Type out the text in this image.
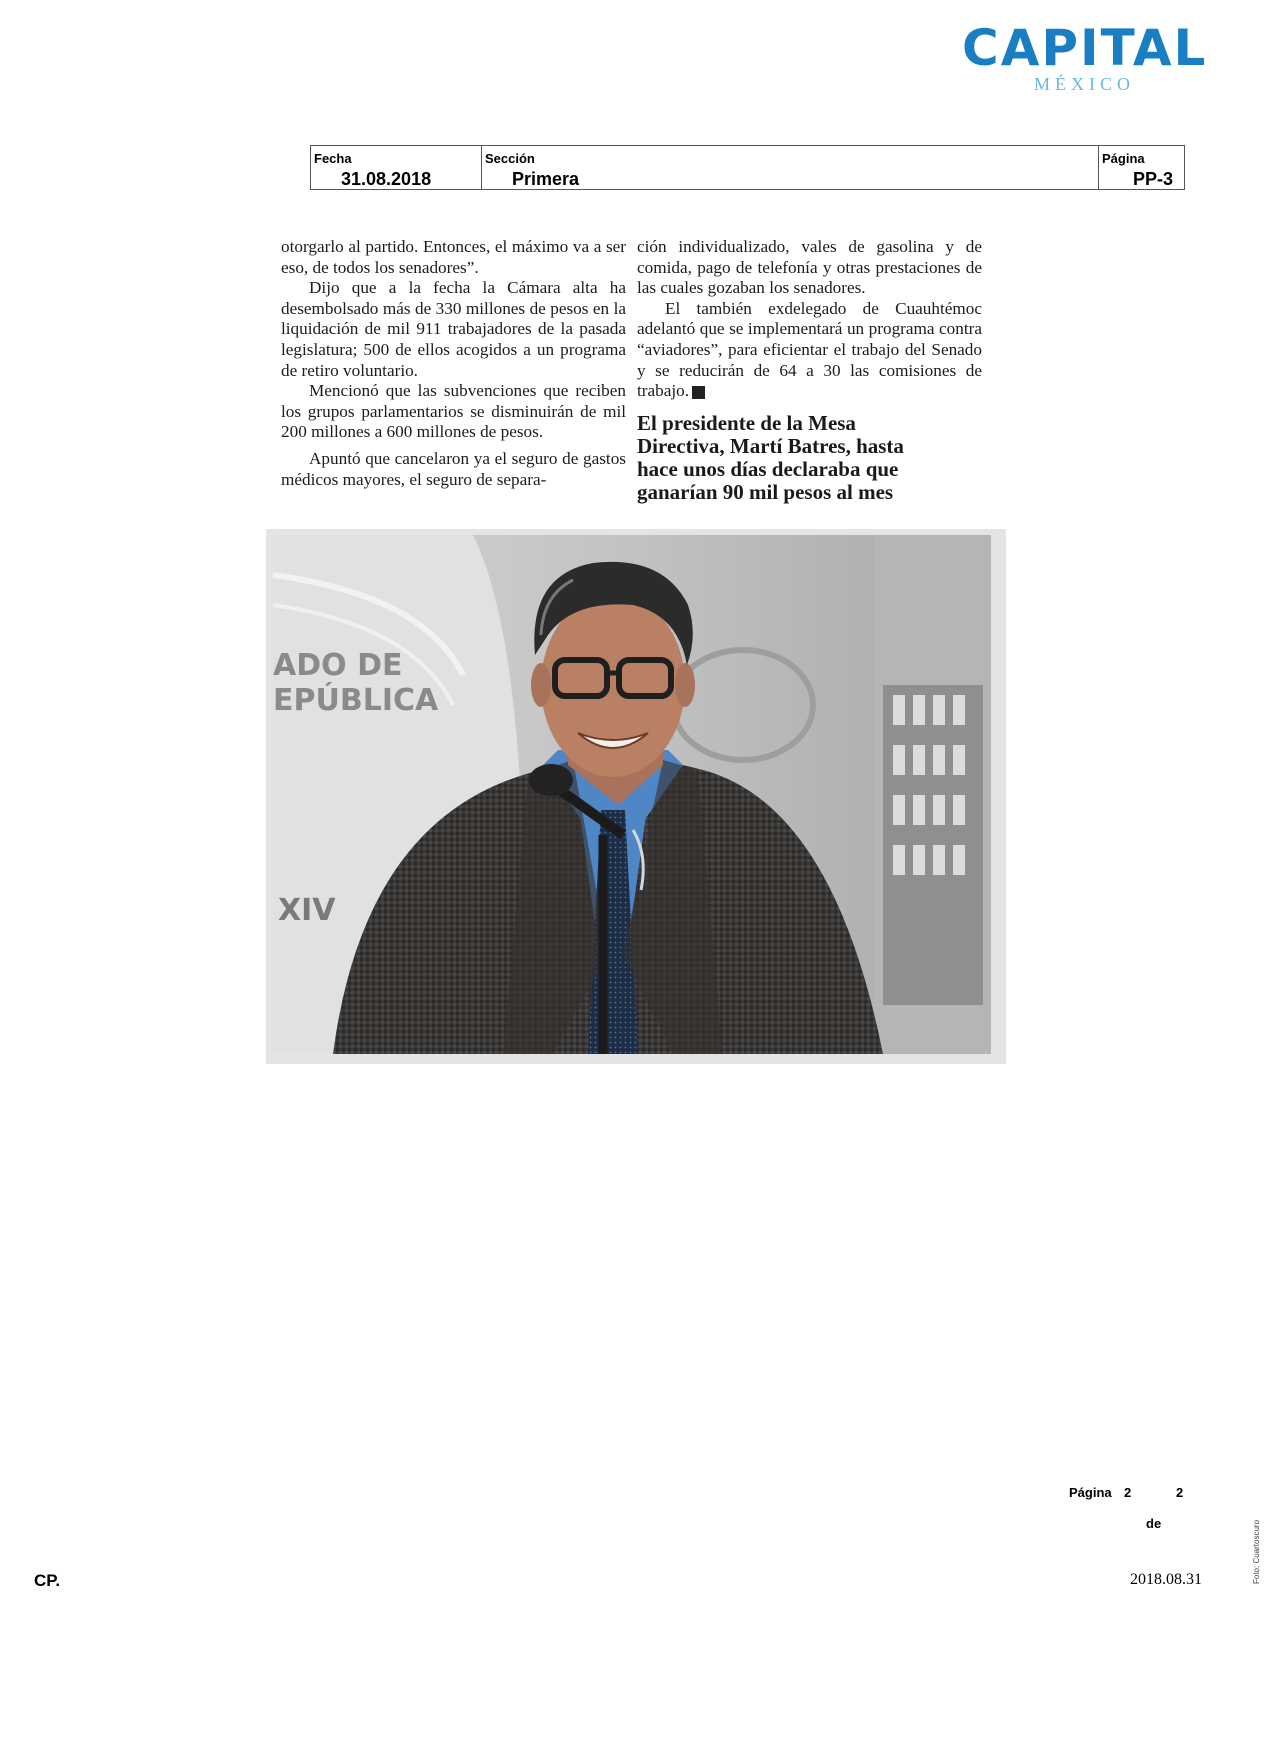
CAPITAL
MÉXICO
Fecha
31.08.2018
Sección
Primera
Página
PP-3

otorgarlo al partido. Entonces, el máximo va a ser eso, de todos los senadores”.

Dijo que a la fecha la Cámara alta ha desembolsado más de 330 millones de pesos en la liquidación de mil 911 trabajadores de la pasada legislatura; 500 de ellos acogidos a un programa de retiro voluntario.

Mencionó que las subvenciones que reciben los grupos parlamentarios se disminuirán de mil 200 millones a 600 millones de pesos.

Apuntó que cancelaron ya el seguro de gastos médicos mayores, el seguro de separa-

ción individualizado, vales de gasolina y de comida, pago de telefonía y otras prestaciones de las cuales gozaban los senadores.

El también exdelegado de Cuauhtémoc adelantó que se implementará un programa contra “aviadores”, para eficientar el trabajo del Senado y se reducirán de 64 a 30 las comisiones de trabajo.	C

El presidente de la Mesa Directiva, Martí Batres, hasta hace unos días declaraba que ganarían 90 mil pesos al mes
ADO DE
EPÚBLICA
XIV
Foto: Cuartoscuro
Página 2	2
de
CP.	2018.08.31
